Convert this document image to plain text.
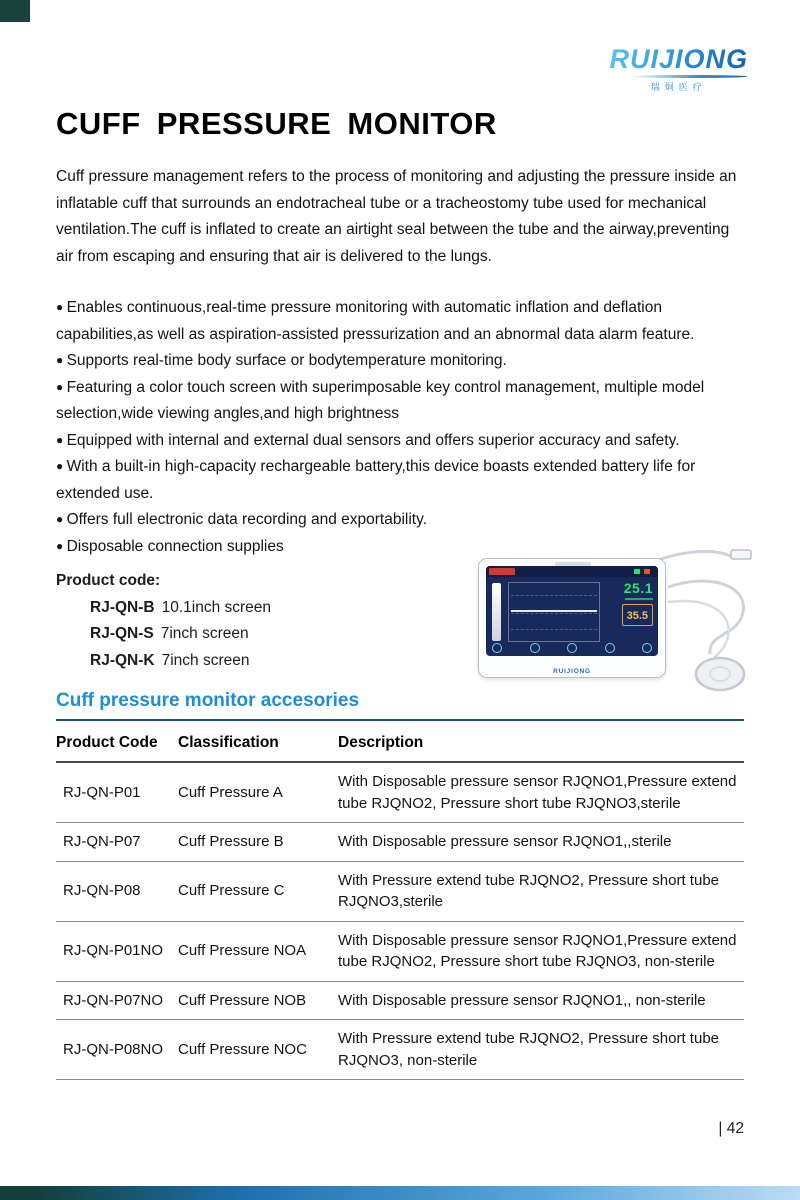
RUIJIONG
瑞炯医疗
CUFF PRESSURE MONITOR

Cuff pressure management refers to the process of monitoring and adjusting the pressure inside an inflatable cuff that surrounds an endotracheal tube or a tracheostomy tube used for mechanical ventilation.The cuff is inflated to create an airtight seal between the tube and the airway,preventing air from escaping and ensuring that air is delivered to the lungs.

● Enables continuous,real-time pressure monitoring with automatic inflation and deflation capabilities,as well as aspiration-assisted pressurization and an abnormal data alarm feature.

● Supports real-time body surface or bodytemperature monitoring.

● Featuring a color touch screen with superimposable key control management, multiple model selection,wide viewing angles,and high brightness

● Equipped with internal and external dual sensors and offers superior accuracy and safety.

● With a built-in high-capacity rechargeable battery,this device boasts extended battery life for extended use.

● Offers full electronic data recording and exportability.

● Disposable connection supplies

Product code:
RJ-QN-B 10.1inch screen
RJ-QN-S 7inch screen
RJ-QN-K 7inch screen
Cuff pressure monitor accesories
Product Code	Classification	Description
RJ-QN-P01	Cuff Pressure A	With Disposable pressure sensor RJQNO1,Pressure extend tube RJQNO2, Pressure short tube RJQNO3,sterile
RJ-QN-P07	Cuff Pressure B	With Disposable pressure sensor RJQNO1,,sterile
RJ-QN-P08	Cuff Pressure C	With Pressure extend tube RJQNO2, Pressure short tube RJQNO3,sterile
RJ-QN-P01NO	Cuff Pressure NOA	With Disposable pressure sensor RJQNO1,Pressure extend tube RJQNO2, Pressure short tube RJQNO3, non-sterile
RJ-QN-P07NO	Cuff Pressure NOB	With Disposable pressure sensor RJQNO1,, non-sterile
RJ-QN-P08NO	Cuff Pressure NOC	With Pressure extend tube RJQNO2, Pressure short tube RJQNO3, non-sterile
25.1
35.5
RUIJIONG
| 42
